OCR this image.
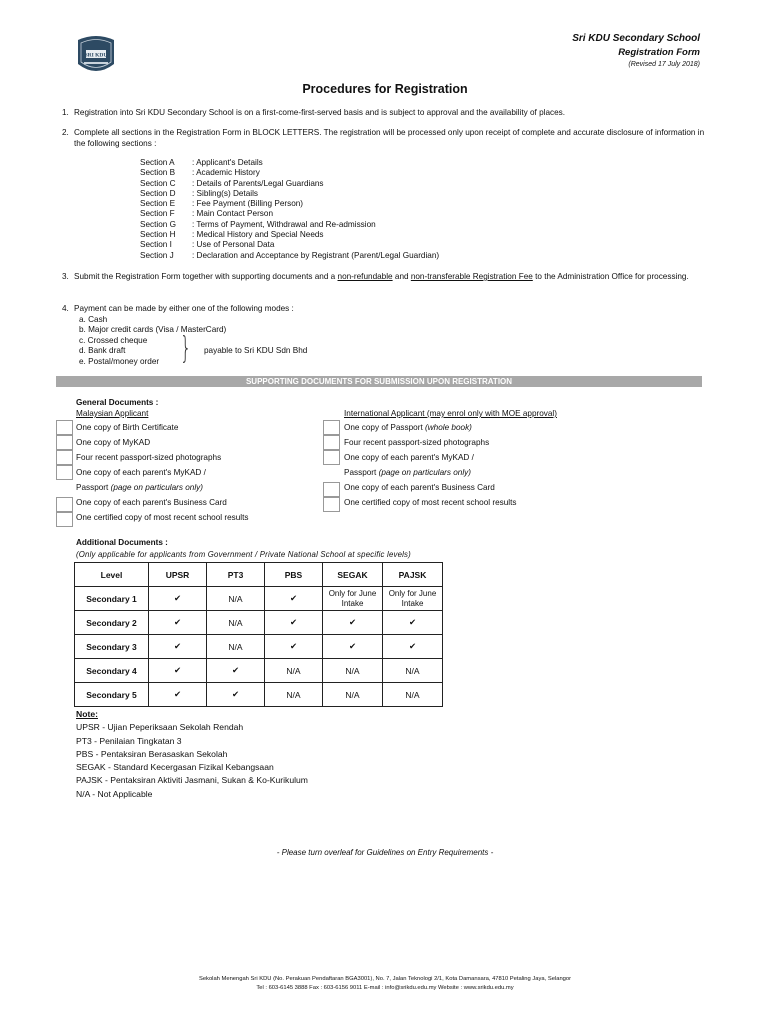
SRI KDU
Sri KDU Secondary School
Registration Form
(Revised 17 July 2018)
Procedures for Registration
1. Registration into Sri KDU Secondary School is on a first-come-first-served basis and is subject to approval and the availability of places.
2. Complete all sections in the Registration Form in BLOCK LETTERS. The registration will be processed only upon receipt of complete and accurate disclosure of information in the following sections :
Section A	: Applicant's Details
Section B	: Academic History
Section C	: Details of Parents/Legal Guardians
Section D	: Sibling(s) Details
Section E	: Fee Payment (Billing Person)
Section F	: Main Contact Person
Section G	: Terms of Payment, Withdrawal and Re-admission
Section H	: Medical History and Special Needs
Section I	: Use of Personal Data
Section J	: Declaration and Acceptance by Registrant (Parent/Legal Guardian)
3. Submit the Registration Form together with supporting documents and a non-refundable and non-transferable Registration Fee to the Administration Office for processing.
4. Payment can be made by either one of the following modes :
a. Cash
b. Major credit cards (Visa / MasterCard)
c. Crossed cheque
d. Bank draft
e. Postal/money order } payable to Sri KDU Sdn Bhd
SUPPORTING DOCUMENTS FOR SUBMISSION UPON REGISTRATION
General Documents :
Malaysian Applicant	International Applicant (may enrol only with MOE approval)
One copy of Birth Certificate
One copy of MyKAD
Four recent passport-sized photographs
One copy of each parent's MyKAD /
Passport (page on particulars only)
One copy of each parent's Business Card
One certified copy of most recent school results
One copy of Passport (whole book)
Four recent passport-sized photographs
One copy of each parent's MyKAD /
Passport (page on particulars only)
One copy of each parent's Business Card
One certified copy of most recent school results
Additional Documents :
(Only applicable for applicants from Government / Private National School at specific levels)
Level	UPSR	PT3	PBS	SEGAK	PAJSK
Secondary 1	✔	N/A	✔	Only for June Intake	Only for June Intake
Secondary 2	✔	N/A	✔	✔	✔
Secondary 3	✔	N/A	✔	✔	✔
Secondary 4	✔	✔	N/A	N/A	N/A
Secondary 5	✔	✔	N/A	N/A	N/A
Note:
UPSR - Ujian Peperiksaan Sekolah Rendah
PT3 - Penilaian Tingkatan 3
PBS - Pentaksiran Berasaskan Sekolah
SEGAK - Standard Kecergasan Fizikal Kebangsaan
PAJSK - Pentaksiran Aktiviti Jasmani, Sukan & Ko-Kurikulum
N/A - Not Applicable
- Please turn overleaf for Guidelines on Entry Requirements -
Sekolah Menengah Sri KDU (No. Perakuan Pendaftaran BGA3001), No. 7, Jalan Teknologi 2/1, Kota Damansara, 47810 Petaling Jaya, Selangor
Tel : 603-6145 3888 Fax : 603-6156 9011 E-mail : info@srikdu.edu.my Website : www.srikdu.edu.my
